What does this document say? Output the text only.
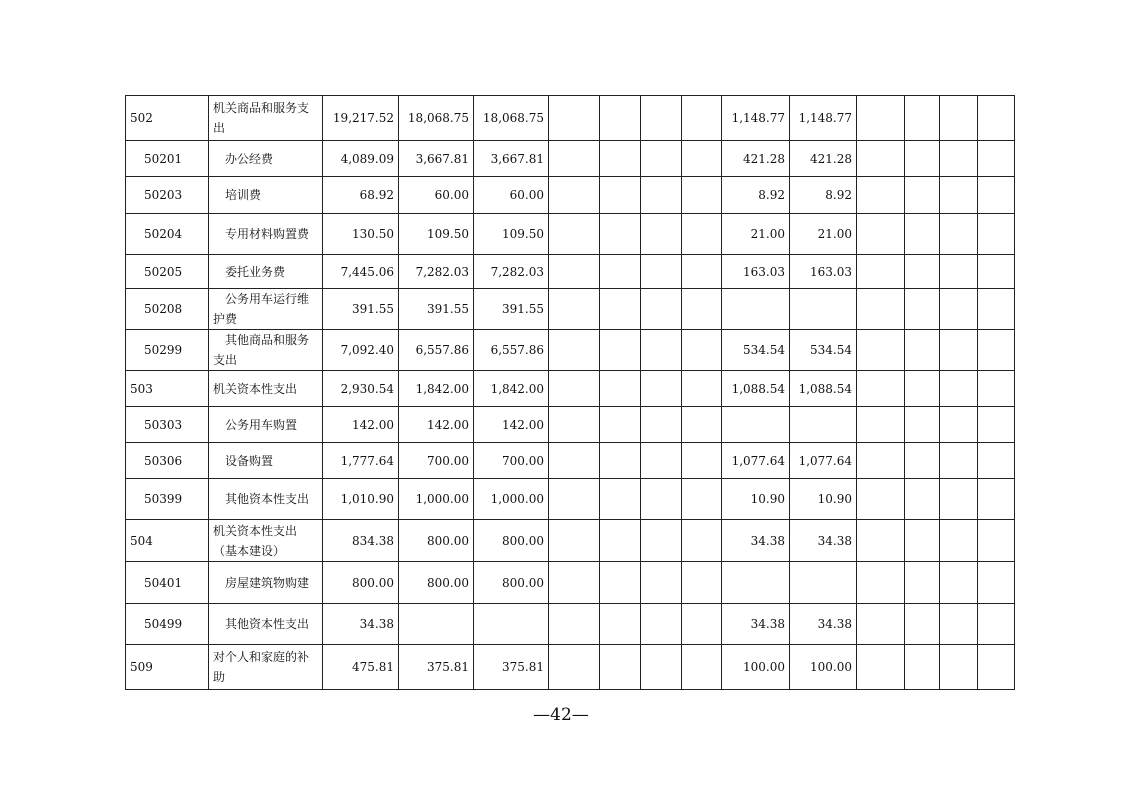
502	机关商品和服务支出	19,217.52	18,068.75	18,068.75					1,148.77	1,148.77				
50201	办公经费	4,089.09	3,667.81	3,667.81					421.28	421.28				
50203	培训费	68.92	60.00	60.00					8.92	8.92				
50204	专用材料购置费	130.50	109.50	109.50					21.00	21.00				
50205	委托业务费	7,445.06	7,282.03	7,282.03					163.03	163.03				
50208	公务用车运行维护费	391.55	391.55	391.55										
50299	其他商品和服务支出	7,092.40	6,557.86	6,557.86					534.54	534.54				
503	机关资本性支出	2,930.54	1,842.00	1,842.00					1,088.54	1,088.54				
50303	公务用车购置	142.00	142.00	142.00										
50306	设备购置	1,777.64	700.00	700.00					1,077.64	1,077.64				
50399	其他资本性支出	1,010.90	1,000.00	1,000.00					10.90	10.90				
504	机关资本性支出（基本建设）	834.38	800.00	800.00					34.38	34.38				
50401	房屋建筑物购建	800.00	800.00	800.00										
50499	其他资本性支出	34.38							34.38	34.38				
509	对个人和家庭的补助	475.81	375.81	375.81					100.00	100.00				
—42—
